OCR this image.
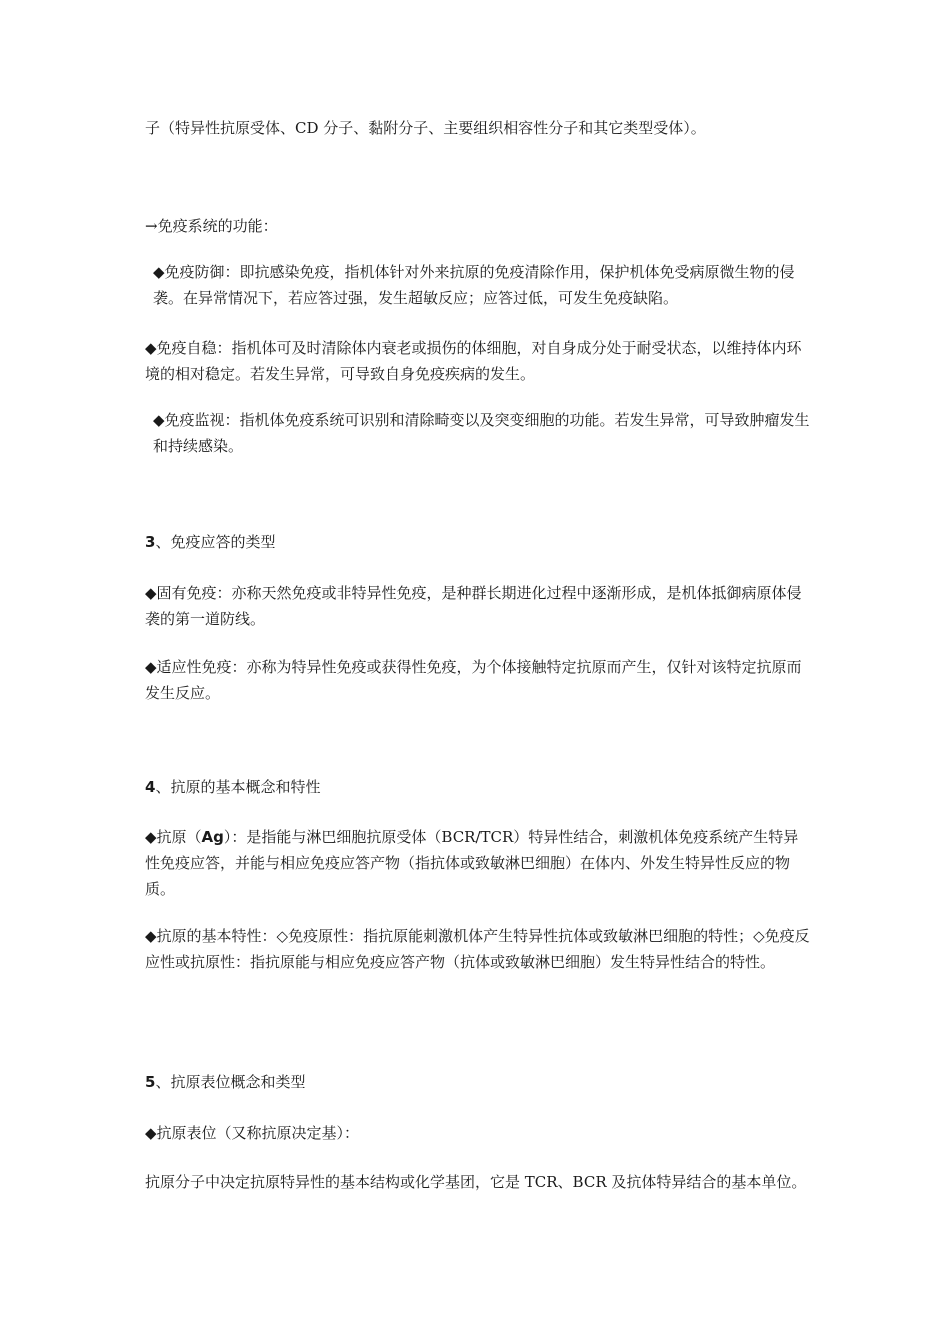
子（特异性抗原受体、CD 分子、黏附分子、主要组织相容性分子和其它类型受体）。
→免疫系统的功能：
◆免疫防御：即抗感染免疫，指机体针对外来抗原的免疫清除作用，保护机体免受病原微生物的侵袭。在异常情况下，若应答过强，发生超敏反应；应答过低，可发生免疫缺陷。
◆免疫自稳：指机体可及时清除体内衰老或损伤的体细胞，对自身成分处于耐受状态，以维持体内环境的相对稳定。若发生异常，可导致自身免疫疾病的发生。
◆免疫监视：指机体免疫系统可识别和清除畸变以及突变细胞的功能。若发生异常，可导致肿瘤发生和持续感染。
3、免疫应答的类型
◆固有免疫：亦称天然免疫或非特异性免疫，是种群长期进化过程中逐渐形成，是机体抵御病原体侵袭的第一道防线。
◆适应性免疫：亦称为特异性免疫或获得性免疫，为个体接触特定抗原而产生，仅针对该特定抗原而发生反应。
4、抗原的基本概念和特性
◆抗原（Ag）：是指能与淋巴细胞抗原受体（BCR/TCR）特异性结合，刺激机体免疫系统产生特异性免疫应答，并能与相应免疫应答产物（指抗体或致敏淋巴细胞）在体内、外发生特异性反应的物质。
◆抗原的基本特性：◇免疫原性：指抗原能刺激机体产生特异性抗体或致敏淋巴细胞的特性；◇免疫反应性或抗原性：指抗原能与相应免疫应答产物（抗体或致敏淋巴细胞）发生特异性结合的特性。
5、抗原表位概念和类型
◆抗原表位（又称抗原决定基）：
抗原分子中决定抗原特异性的基本结构或化学基团，它是 TCR、BCR 及抗体特异结合的基本单位。
